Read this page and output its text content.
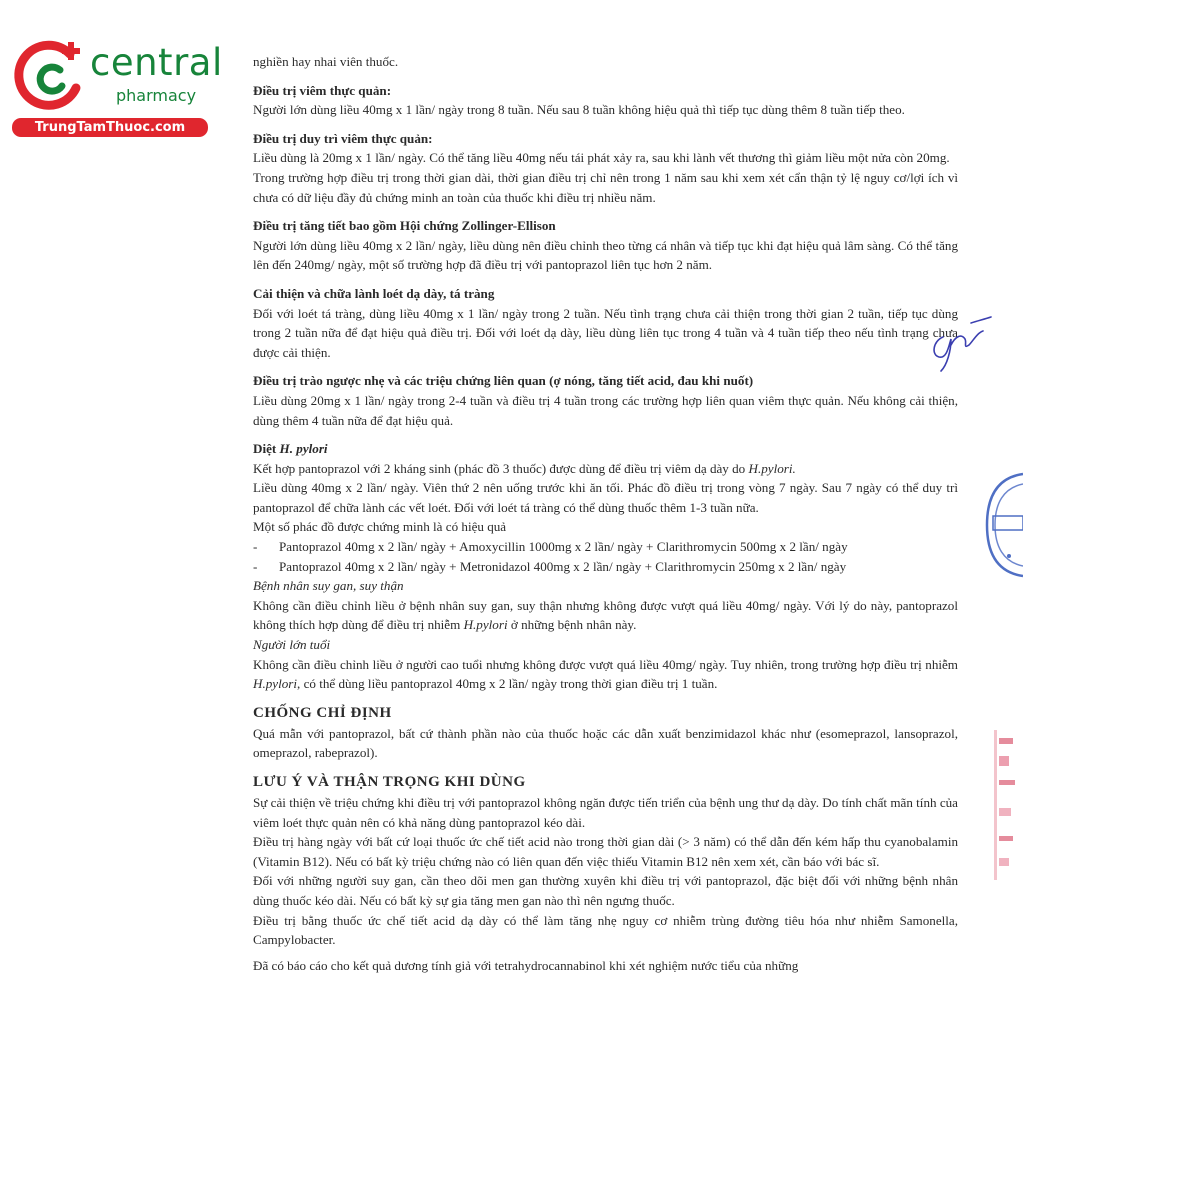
central
pharmacy
TrungTamThuoc.com

nghiền hay nhai viên thuốc.

Điều trị viêm thực quản:

Người lớn dùng liều 40mg x 1 lần/ ngày trong 8 tuần. Nếu sau 8 tuần không hiệu quả thì tiếp tục dùng thêm 8 tuần tiếp theo.

Điều trị duy trì viêm thực quản:

Liều dùng là 20mg x 1 lần/ ngày. Có thể tăng liều 40mg nếu tái phát xảy ra, sau khi lành vết thương thì giảm liều một nửa còn 20mg.

Trong trường hợp điều trị trong thời gian dài, thời gian điều trị chỉ nên trong 1 năm sau khi xem xét cẩn thận tỷ lệ nguy cơ/lợi ích vì chưa có dữ liệu đầy đủ chứng minh an toàn của thuốc khi điều trị nhiều năm.

Điều trị tăng tiết bao gồm Hội chứng Zollinger-Ellison

Người lớn dùng liều 40mg x 2 lần/ ngày, liều dùng nên điều chỉnh theo từng cá nhân và tiếp tục khi đạt hiệu quả lâm sàng. Có thể tăng lên đến 240mg/ ngày, một số trường hợp đã điều trị với pantoprazol liên tục hơn 2 năm.

Cải thiện và chữa lành loét dạ dày, tá tràng

Đối với loét tá tràng, dùng liều 40mg x 1 lần/ ngày trong 2 tuần. Nếu tình trạng chưa cải thiện trong thời gian 2 tuần, tiếp tục dùng trong 2 tuần nữa để đạt hiệu quả điều trị. Đối với loét dạ dày, liều dùng liên tục trong 4 tuần và 4 tuần tiếp theo nếu tình trạng chưa được cải thiện.

Điều trị trào ngược nhẹ và các triệu chứng liên quan (ợ nóng, tăng tiết acid, đau khi nuốt)

Liều dùng 20mg x 1 lần/ ngày trong 2-4 tuần và điều trị 4 tuần trong các trường hợp liên quan viêm thực quản. Nếu không cải thiện, dùng thêm 4 tuần nữa để đạt hiệu quả.

Diệt H. pylori

Kết hợp pantoprazol với 2 kháng sinh (phác đồ 3 thuốc) được dùng để điều trị viêm dạ dày do H.pylori.

Liều dùng 40mg x 2 lần/ ngày. Viên thứ 2 nên uống trước khi ăn tối. Phác đồ điều trị trong vòng 7 ngày. Sau 7 ngày có thể duy trì pantoprazol để chữa lành các vết loét. Đối với loét tá tràng có thể dùng thuốc thêm 1-3 tuần nữa.

Một số phác đồ được chứng minh là có hiệu quả

-	Pantoprazol 40mg x 2 lần/ ngày + Amoxycillin 1000mg x 2 lần/ ngày + Clarithromycin 500mg x 2 lần/ ngày
-	Pantoprazol 40mg x 2 lần/ ngày + Metronidazol 400mg x 2 lần/ ngày + Clarithromycin 250mg x 2 lần/ ngày

Bệnh nhân suy gan, suy thận

Không cần điều chỉnh liều ở bệnh nhân suy gan, suy thận nhưng không được vượt quá liều 40mg/ ngày. Với lý do này, pantoprazol không thích hợp dùng để điều trị nhiễm H.pylori ở những bệnh nhân này.

Người lớn tuổi

Không cần điều chỉnh liều ở người cao tuổi nhưng không được vượt quá liều 40mg/ ngày. Tuy nhiên, trong trường hợp điều trị nhiễm H.pylori, có thể dùng liều pantoprazol 40mg x 2 lần/ ngày trong thời gian điều trị 1 tuần.

CHỐNG CHỈ ĐỊNH

Quá mẫn với pantoprazol, bất cứ thành phần nào của thuốc hoặc các dẫn xuất benzimidazol khác như (esomeprazol, lansoprazol, omeprazol, rabeprazol).

LƯU Ý VÀ THẬN TRỌNG KHI DÙNG

Sự cải thiện về triệu chứng khi điều trị với pantoprazol không ngăn được tiến triển của bệnh ung thư dạ dày. Do tính chất mãn tính của viêm loét thực quản nên có khả năng dùng pantoprazol kéo dài.

Điều trị hàng ngày với bất cứ loại thuốc ức chế tiết acid nào trong thời gian dài (> 3 năm) có thể dẫn đến kém hấp thu cyanobalamin (Vitamin B12). Nếu có bất kỳ triệu chứng nào có liên quan đến việc thiếu Vitamin B12 nên xem xét, cần báo với bác sĩ.

Đối với những người suy gan, cần theo dõi men gan thường xuyên khi điều trị với pantoprazol, đặc biệt đối với những bệnh nhân dùng thuốc kéo dài. Nếu có bất kỳ sự gia tăng men gan nào thì nên ngưng thuốc.

Điều trị bằng thuốc ức chế tiết acid dạ dày có thể làm tăng nhẹ nguy cơ nhiễm trùng đường tiêu hóa như nhiễm Samonella, Campylobacter.

Đã có báo cáo cho kết quả dương tính giả với tetrahydrocannabinol khi xét nghiệm nước tiểu của những
